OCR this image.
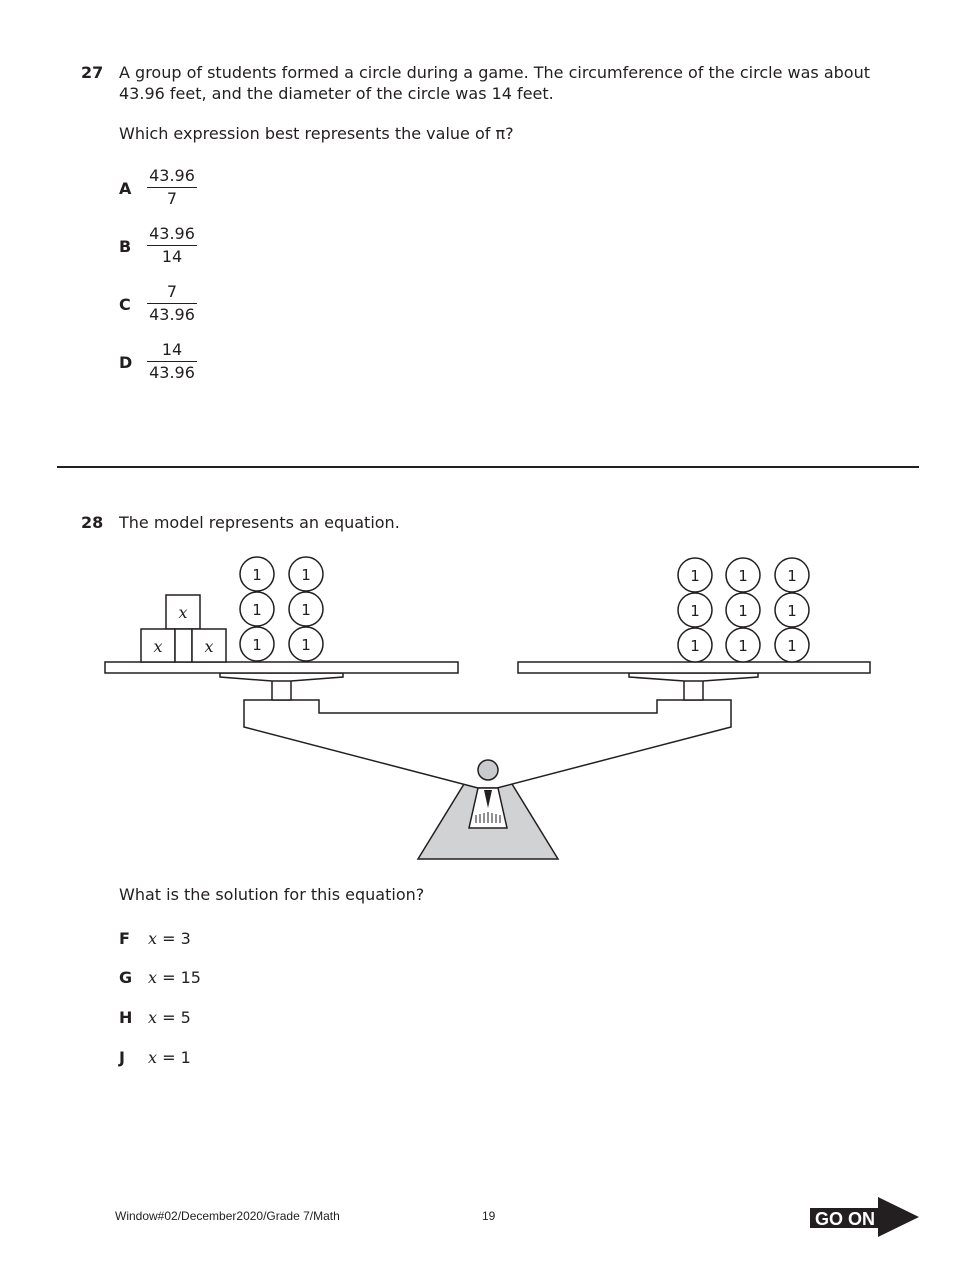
27 A group of students formed a circle during a game. The circumference of the circle was about
43.96 feet, and the diameter of the circle was 14 feet.
Which expression best represents the value of π?
A
43.96
7
B
43.96
14
C
7
43.96
D
14
43.96
28 The model represents an equation.
x
x	x
1	1
1	1
1	1
1	1	1
1	1	1
1	1	1
What is the solution for this equation?
F x = 3
G x = 15
H x = 5
J x = 1
Window#02/December2020/Grade 7/Math	19	GO ON
